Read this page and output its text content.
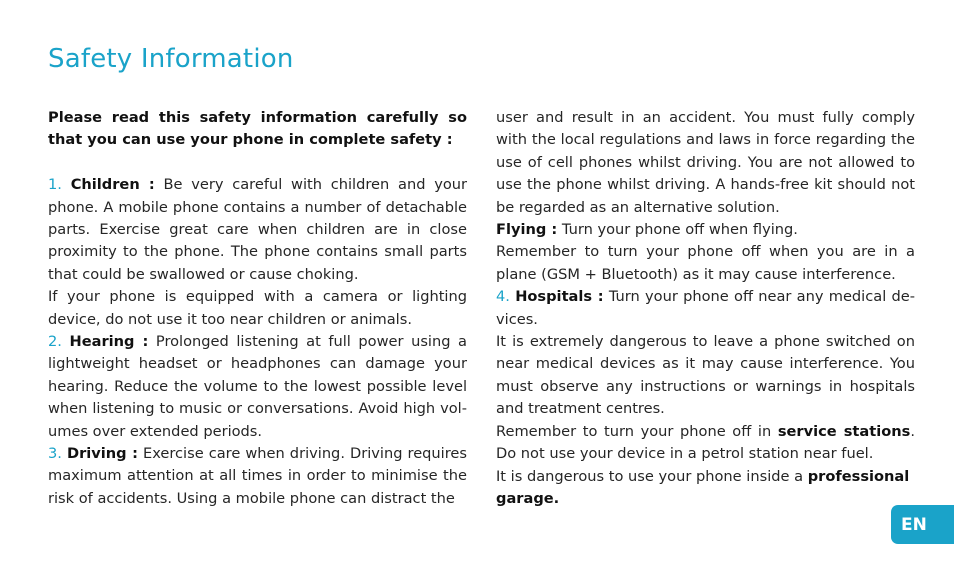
Safety Information

Please read this safety information carefully so that you can use your phone in complete safety :

1. Children : Be very careful with children and your phone. A mobile phone contains a number of detachable parts. Exercise great care when children are in close proximity to the phone. The phone contains small parts that could be swallowed or cause choking.

If your phone is equipped with a camera or lighting device, do not use it too near children or animals.

2. Hearing : Prolonged listening at full power using a lightweight headset or headphones can damage your hearing. Reduce the volume to the lowest possible level when listening to music or conversations. Avoid high vol-umes over extended periods.

3. Driving : Exercise care when driving. Driving requires maximum attention at all times in order to minimise the risk of accidents. Using a mobile phone can distract the

user and result in an accident. You must fully comply with the local regulations and laws in force regarding the use of cell phones whilst driving. You are not allowed to use the phone whilst driving. A hands-free kit should not be regarded as an alternative solution.

Flying : Turn your phone off when flying.

Remember to turn your phone off when you are in a plane (GSM + Bluetooth) as it may cause interference.

4. Hospitals : Turn your phone off near any medical de-vices.

It is extremely dangerous to leave a phone switched on near medical devices as it may cause interference. You must observe any instructions or warnings in hospitals and treatment centres.

Remember to turn your phone off in service stations. Do not use your device in a petrol station near fuel.

It is dangerous to use your phone inside a professional garage.

EN
